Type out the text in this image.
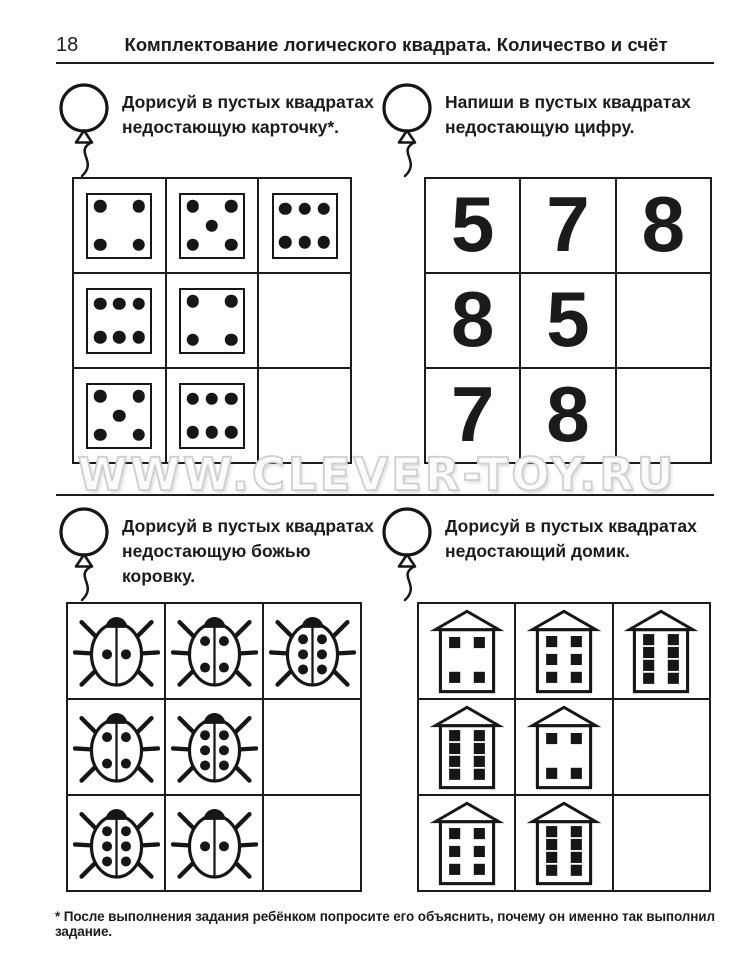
18	Комплектование логического квадрата. Количество и счёт
Дорисуй в пустых квадратах
недостающую карточку*.
Напиши в пустых квадратах
недостающую цифру.
Дорисуй в пустых квадратах
недостающую божью коровку.
Дорисуй в пустых квадратах
недостающий домик.
5 7 8
8 5
7 8
WWW.CLEVER-TOY.RU
* После выполнения задания ребёнком попросите его объяснить, почему он именно так выполнил задание.
